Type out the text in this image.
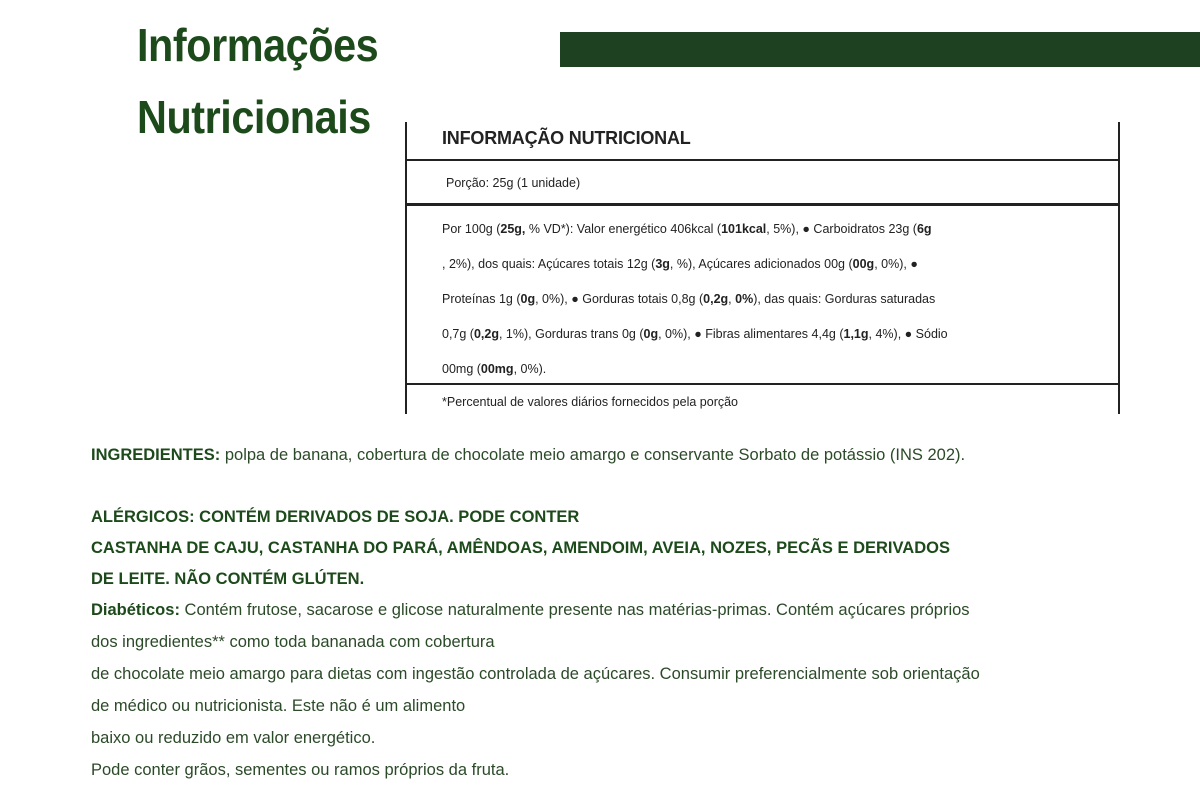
Informações
Nutricionais	INFORMAÇÃO NUTRICIONAL
Porção: 25g (1 unidade)
Por 100g (25g, % VD*): Valor energético 406kcal (101kcal, 5%), ● Carboidratos 23g (6g
, 2%), dos quais: Açúcares totais 12g (3g, %), Açúcares adicionados 00g (00g, 0%), ●
Proteínas 1g (0g, 0%), ● Gorduras totais 0,8g (0,2g, 0%), das quais: Gorduras saturadas
0,7g (0,2g, 1%), Gorduras trans 0g (0g, 0%), ● Fibras alimentares 4,4g (1,1g, 4%), ● Sódio
00mg (00mg, 0%).
*Percentual de valores diários fornecidos pela porção
INGREDIENTES: polpa de banana, cobertura de chocolate meio amargo e conservante Sorbato de potássio (INS 202).
ALÉRGICOS: CONTÉM DERIVADOS DE SOJA. PODE CONTER
CASTANHA DE CAJU, CASTANHA DO PARÁ, AMÊNDOAS, AMENDOIM, AVEIA, NOZES, PECÃS E DERIVADOS
DE LEITE. NÃO CONTÉM GLÚTEN.
Diabéticos: Contém frutose, sacarose e glicose naturalmente presente nas matérias-primas. Contém açúcares próprios
dos ingredientes** como toda bananada com cobertura
de chocolate meio amargo para dietas com ingestão controlada de açúcares. Consumir preferencialmente sob orientação
de médico ou nutricionista. Este não é um alimento
baixo ou reduzido em valor energético.
Pode conter grãos, sementes ou ramos próprios da fruta.
